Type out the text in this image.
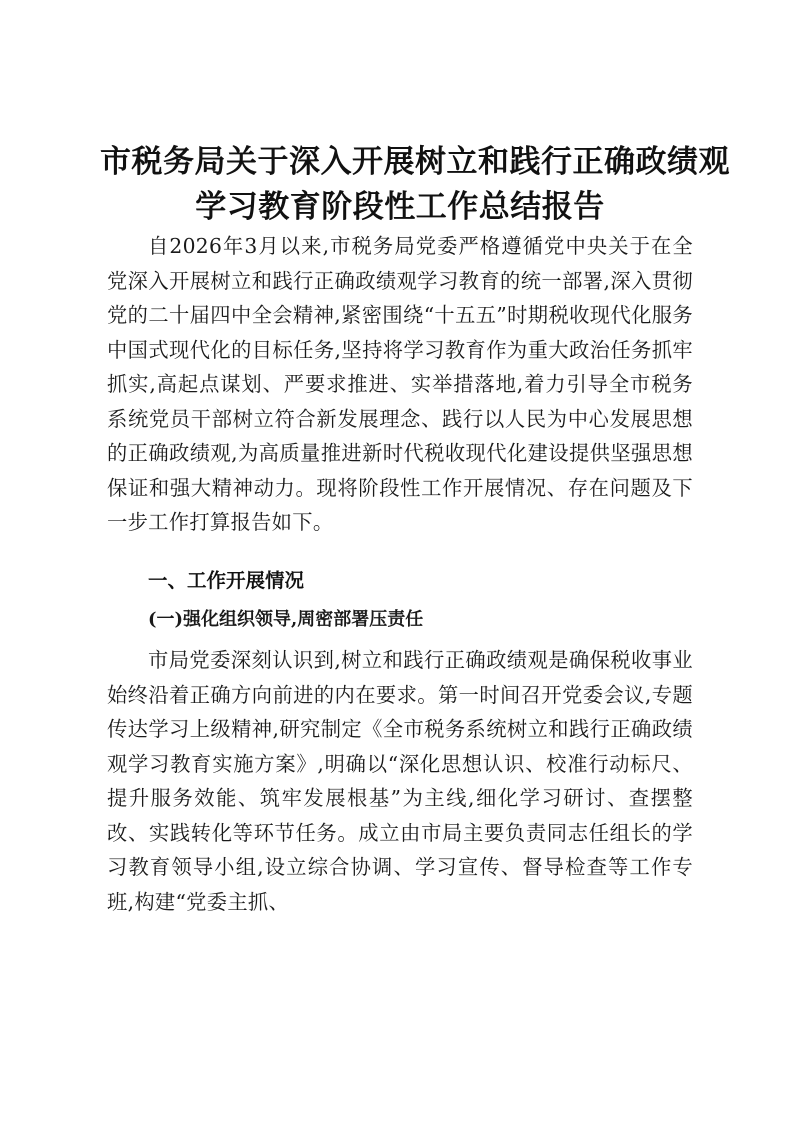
市税务局关于深入开展树立和践行正确政绩观
学习教育阶段性工作总结报告
自2026年3月以来,市税务局党委严格遵循党中央关于在全党深入开展树立和践行正确政绩观学习教育的统一部署,深入贯彻党的二十届四中全会精神,紧密围绕“十五五”时期税收现代化服务中国式现代化的目标任务,坚持将学习教育作为重大政治任务抓牢抓实,高起点谋划、严要求推进、实举措落地,着力引导全市税务系统党员干部树立符合新发展理念、践行以人民为中心发展思想的正确政绩观,为高质量推进新时代税收现代化建设提供坚强思想保证和强大精神动力。现将阶段性工作开展情况、存在问题及下一步工作打算报告如下。
一、工作开展情况
(一)强化组织领导,周密部署压责任
市局党委深刻认识到,树立和践行正确政绩观是确保税收事业始终沿着正确方向前进的内在要求。第一时间召开党委会议,专题传达学习上级精神,研究制定《全市税务系统树立和践行正确政绩观学习教育实施方案》,明确以“深化思想认识、校准行动标尺、提升服务效能、筑牢发展根基”为主线,细化学习研讨、查摆整改、实践转化等环节任务。成立由市局主要负责同志任组长的学习教育领导小组,设立综合协调、学习宣传、督导检查等工作专班,构建“党委主抓、
